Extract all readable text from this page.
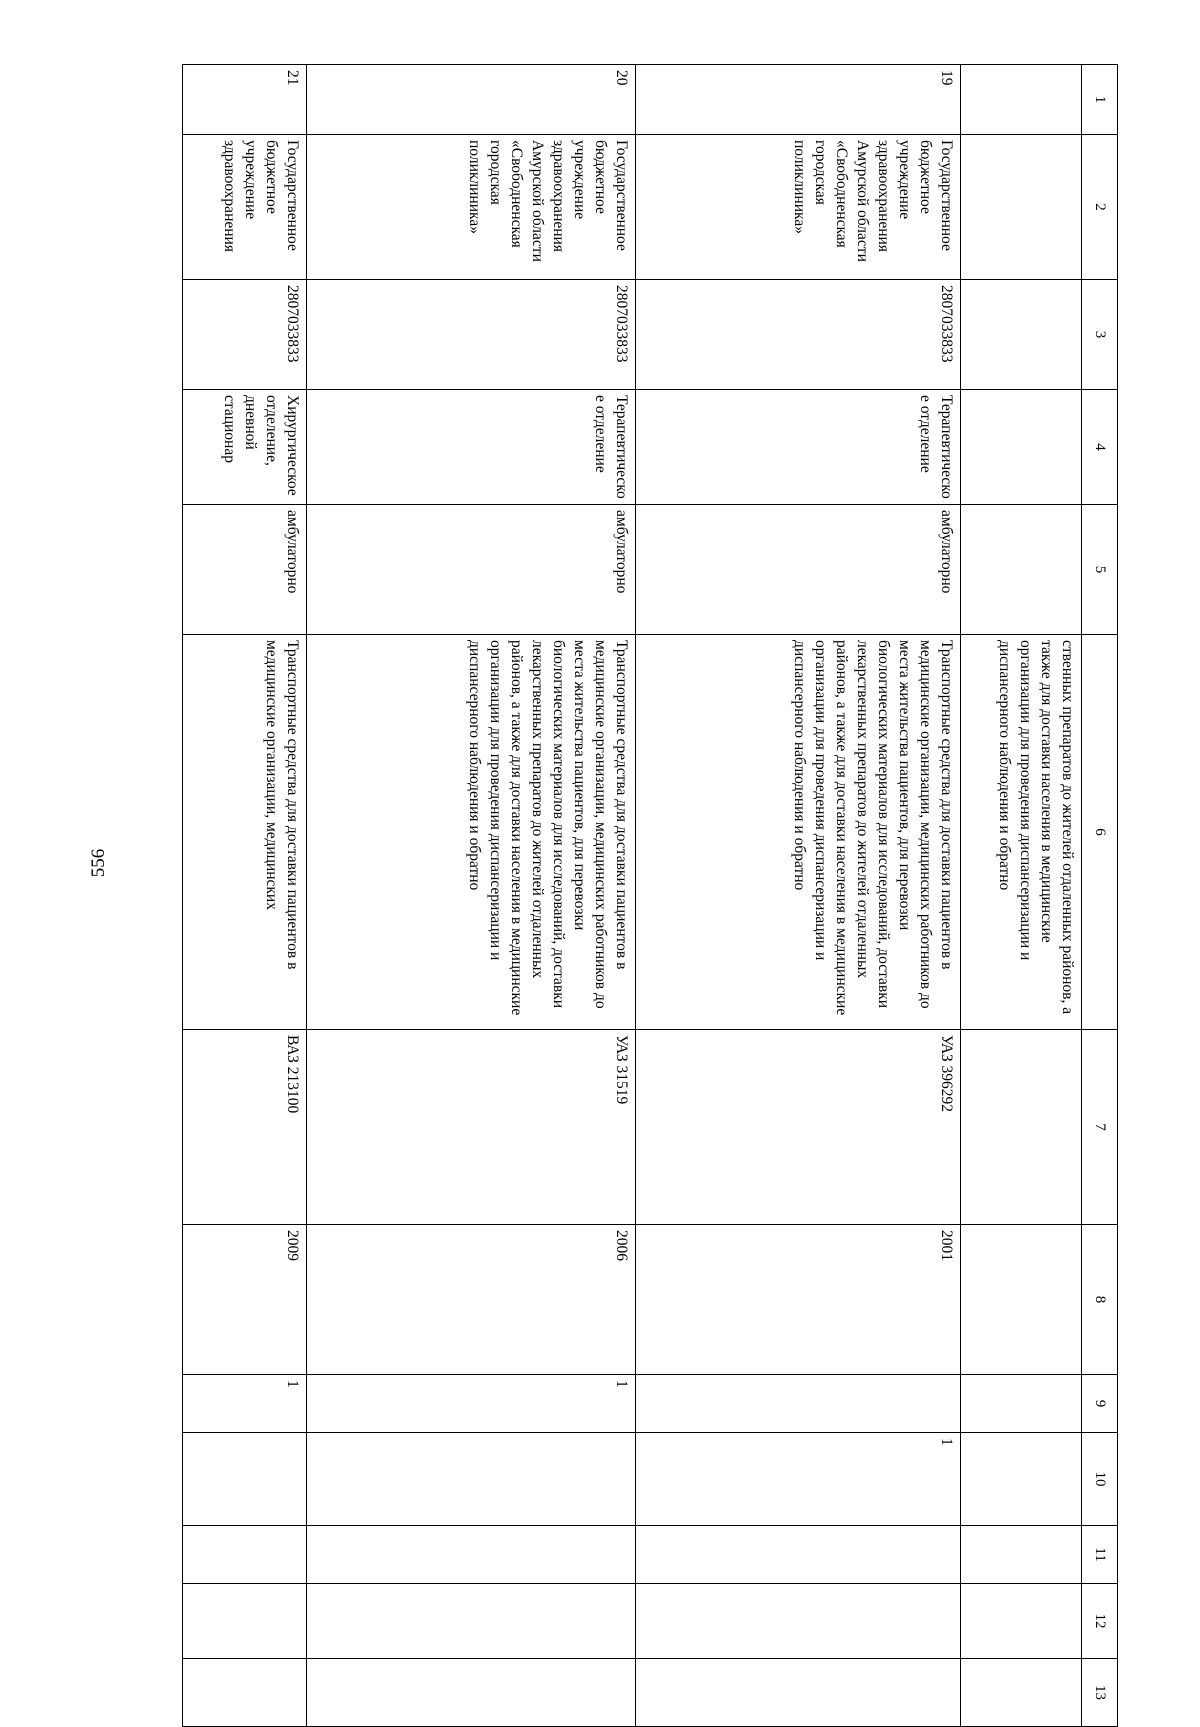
556
1	2	3	4	5	6	7	8	9	10	11	12	13
					ственных препаратов до жителей отдаленных районов, а также для доставки населения в медицинские организации для проведения диспансеризации и диспансерного наблюдения и обратно							
19	Государственное бюджетное учреждение здравоохранения Амурской области «Свободненская городская поликлиника»	2807033833	Терапевтическое отделение	амбулаторно	Транспортные средства для доставки пациентов в медицинские организации, медицинских работников до места жительства пациентов, для перевозки биологических материалов для исследований, доставки лекарственных препаратов до жителей отдаленных районов, а также для доставки населения в медицинские организации для проведения диспансеризации и диспансерного наблюдения и обратно	УАЗ 396292	2001		1			
20	Государственное бюджетное учреждение здравоохранения Амурской области «Свободненская городская поликлиника»	2807033833	Терапевтическое отделение	амбулаторно	Транспортные средства для доставки пациентов в медицинские организации, медицинских работников до места жительства пациентов, для перевозки биологических материалов для исследований, доставки лекарственных препаратов до жителей отдаленных районов, а также для доставки населения в медицинские организации для проведения диспансеризации и диспансерного наблюдения и обратно	УАЗ 31519	2006	1				
21	Государственное бюджетное учреждение здравоохранения	2807033833	Хирургическое отделение, дневной стационар	амбулаторно	Транспортные средства для доставки пациентов в медицинские организации, медицинских	ВАЗ 213100	2009	1				
